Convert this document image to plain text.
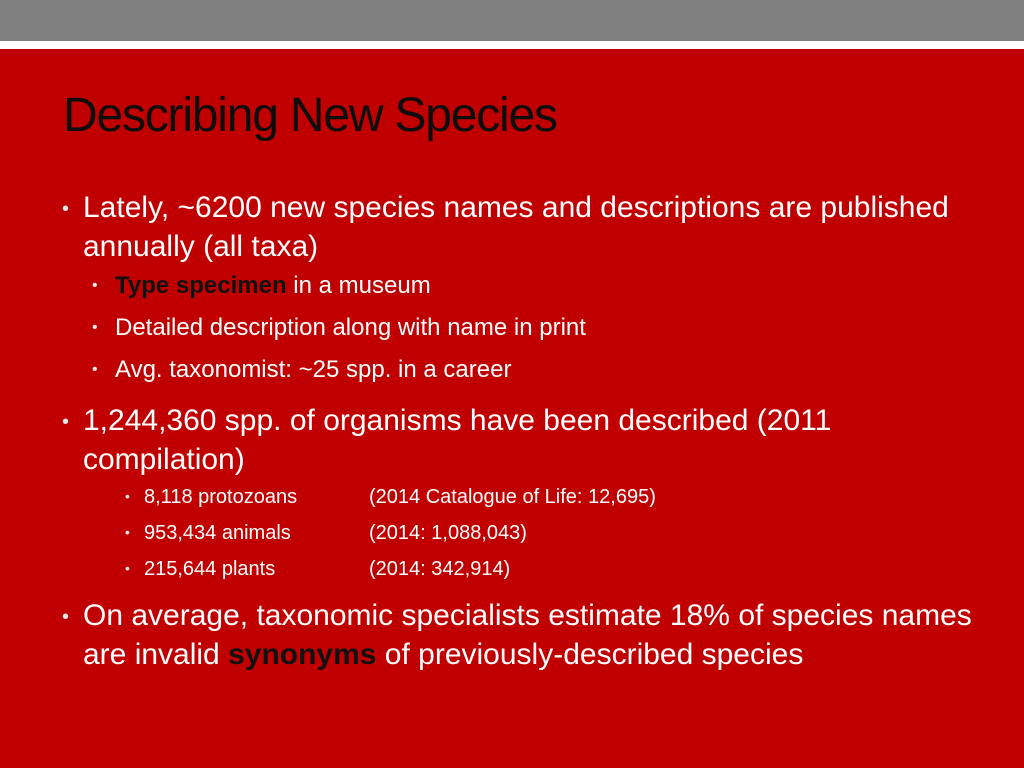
Describing New Species
• Lately, ~6200 new species names and descriptions are published annually (all taxa)
• Type specimen in a museum
• Detailed description along with name in print
• Avg. taxonomist: ~25 spp. in a career
• 1,244,360 spp. of organisms have been described (2011 compilation)
• 8,118 protozoans	(2014 Catalogue of Life: 12,695)
• 953,434 animals	(2014: 1,088,043)
• 215,644 plants	(2014: 342,914)
• On average, taxonomic specialists estimate 18% of species names are invalid synonyms of previously-described species
